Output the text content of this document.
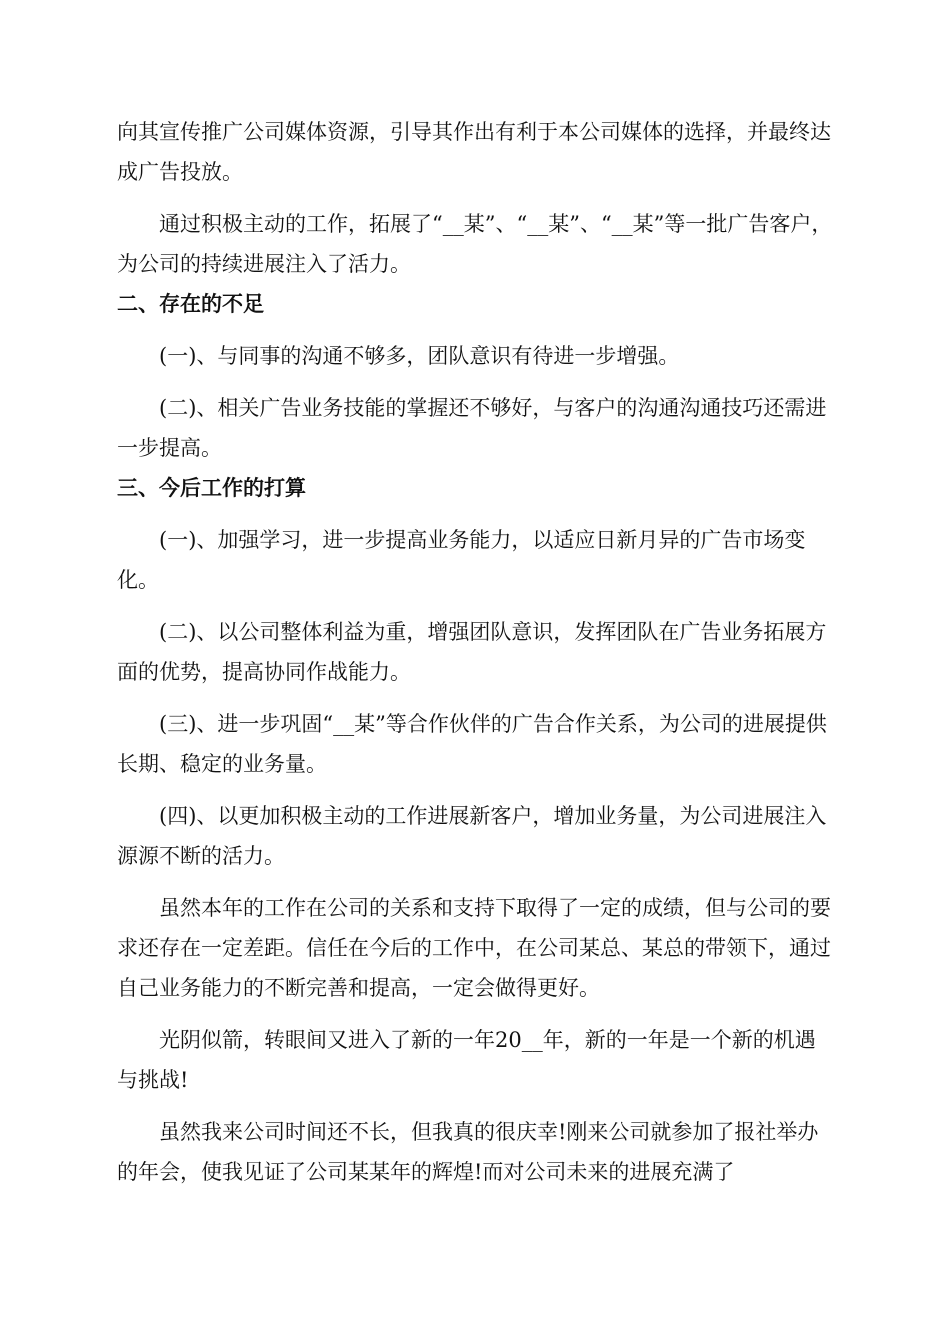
向其宣传推广公司媒体资源，引导其作出有利于本公司媒体的选择，并最终达成广告投放。

通过积极主动的工作，拓展了“__某”、“__某”、“__某”等一批广告客户，为公司的持续进展注入了活力。

二、存在的不足

(一)、与同事的沟通不够多，团队意识有待进一步增强。

(二)、相关广告业务技能的掌握还不够好，与客户的沟通沟通技巧还需进一步提高。

三、今后工作的打算

(一)、加强学习，进一步提高业务能力，以适应日新月异的广告市场变化。

(二)、以公司整体利益为重，增强团队意识，发挥团队在广告业务拓展方面的优势，提高协同作战能力。

(三)、进一步巩固“__某”等合作伙伴的广告合作关系，为公司的进展提供长期、稳定的业务量。

(四)、以更加积极主动的工作进展新客户，增加业务量，为公司进展注入源源不断的活力。

虽然本年的工作在公司的关系和支持下取得了一定的成绩，但与公司的要求还存在一定差距。信任在今后的工作中，在公司某总、某总的带领下，通过自己业务能力的不断完善和提高，一定会做得更好。

光阴似箭，转眼间又进入了新的一年20__年，新的一年是一个新的机遇与挑战!

虽然我来公司时间还不长，但我真的很庆幸!刚来公司就参加了报社举办的年会，使我见证了公司某某年的辉煌!而对公司未来的进展充满了
